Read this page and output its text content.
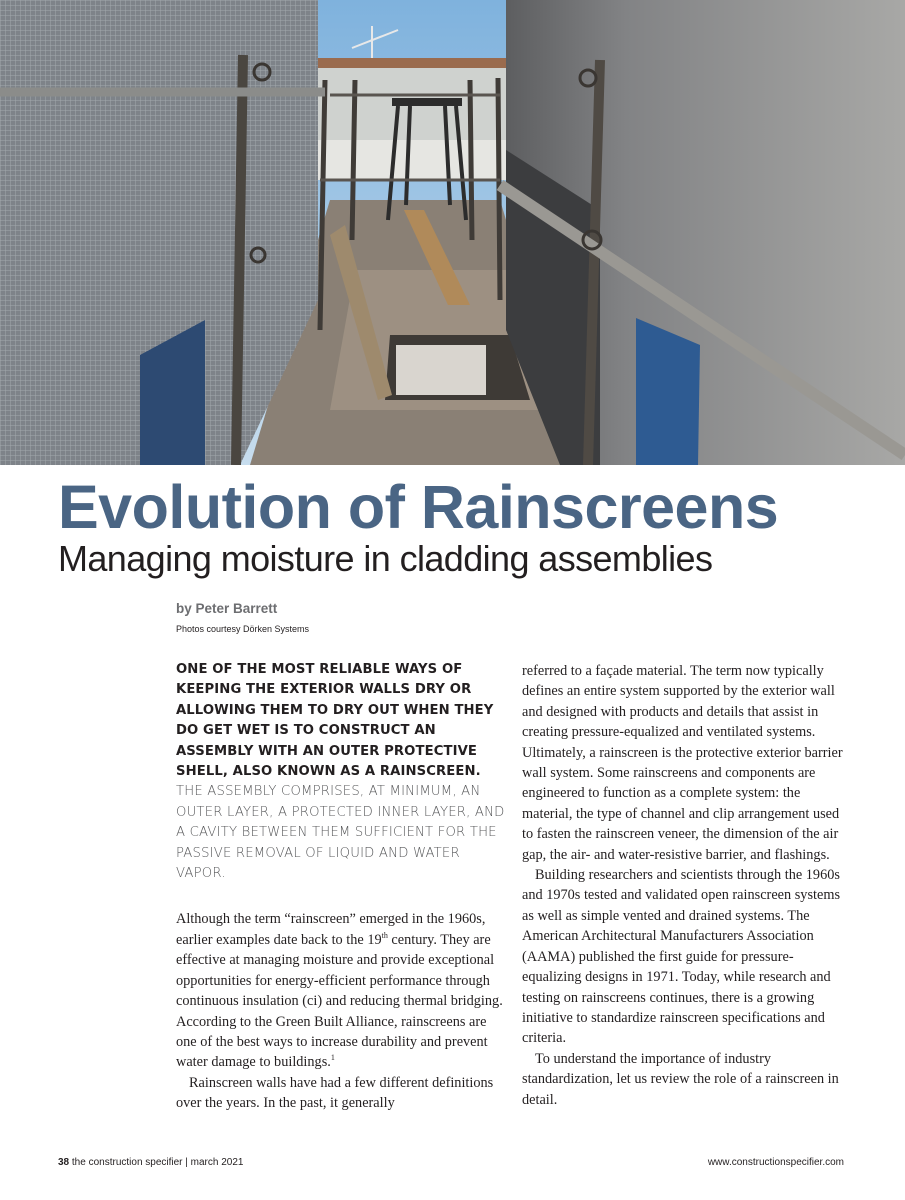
Evolution of Rainscreens
Managing moisture in cladding assemblies
by Peter Barrett
Photos courtesy Dörken Systems

ONE OF THE MOST RELIABLE WAYS OF KEEPING THE EXTERIOR WALLS DRY OR ALLOWING THEM TO DRY OUT WHEN THEY DO GET WET IS TO CONSTRUCT AN ASSEMBLY WITH AN OUTER PROTECTIVE SHELL, ALSO KNOWN AS A RAINSCREEN.
THE ASSEMBLY COMPRISES, AT MINIMUM, AN OUTER LAYER, A PROTECTED INNER LAYER, AND A CAVITY BETWEEN THEM SUFFICIENT FOR THE PASSIVE REMOVAL OF LIQUID AND WATER VAPOR.

Although the term “rainscreen” emerged in the 1960s, earlier examples date back to the 19th century. They are effective at managing moisture and provide exceptional opportunities for energy-efficient performance through continuous insulation (ci) and reducing thermal bridging. According to the Green Built Alliance, rainscreens are one of the best ways to increase durability and prevent water damage to buildings.$^1$

Rainscreen walls have had a few different definitions over the years. In the past, it generally

referred to a façade material. The term now typically defines an entire system supported by the exterior wall and designed with products and details that assist in creating pressure-equalized and ventilated systems. Ultimately, a rainscreen is the protective exterior barrier wall system. Some rainscreens and components are engineered to function as a complete system: the material, the type of channel and clip arrangement used to fasten the rainscreen veneer, the dimension of the air gap, the air- and water-resistive barrier, and flashings.

Building researchers and scientists through the 1960s and 1970s tested and validated open rainscreen systems as well as simple vented and drained systems. The American Architectural Manufacturers Association (AAMA) published the first guide for pressure-equalizing designs in 1971. Today, while research and testing on rainscreens continues, there is a growing initiative to standardize rainscreen specifications and criteria.

To understand the importance of industry standardization, let us review the role of a rainscreen in detail.

38 the construction specifier | march 2021	www.constructionspecifier.com
